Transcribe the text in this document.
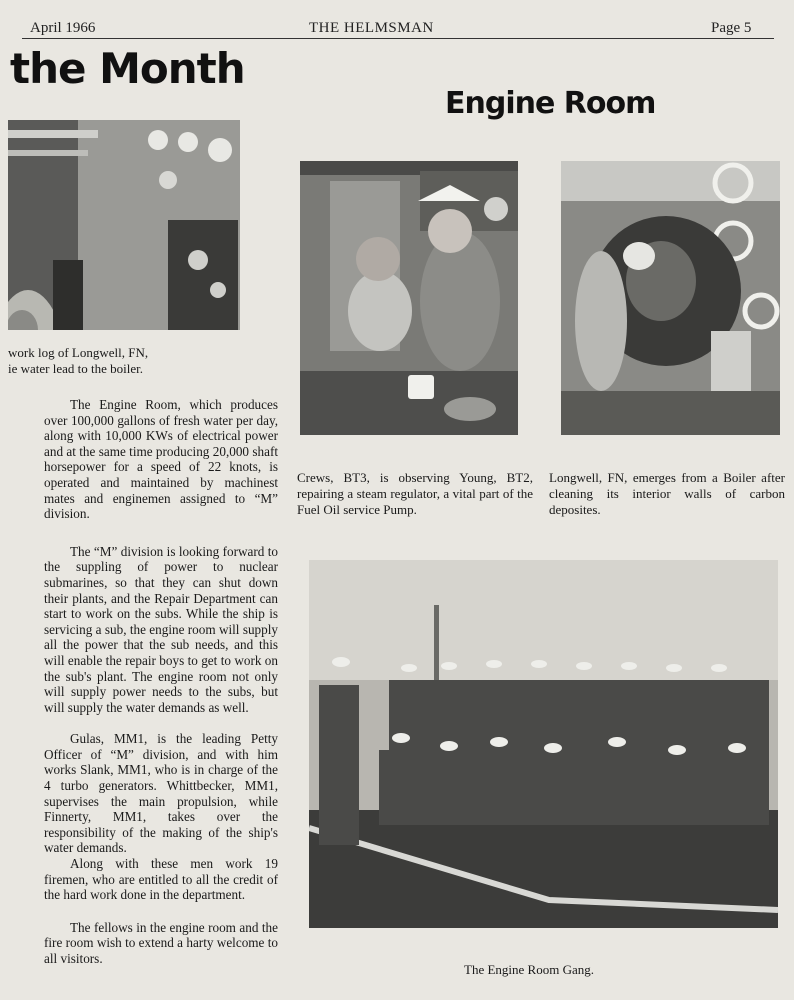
April 1966	THE HELMSMAN	Page 5
the Month
Engine Room
work log of Longwell, FN,
ie water lead to the boiler.
Crews, BT3, is observing Young, BT2, repairing a steam regulator, a vital part of the Fuel Oil service Pump.
Longwell, FN, emerges from a Boiler after cleaning its interior walls of carbon deposites.

The Engine Room, which produces over 100,000 gallons of fresh water per day, along with 10,000 KWs of electrical power and at the same time producing 20,000 shaft horsepower for a speed of 22 knots, is operated and maintained by machinest mates and enginemen assigned to “M” division.

The “M” division is looking forward to the suppling of power to nuclear submarines, so that they can shut down their plants, and the Repair Department can start to work on the subs. While the ship is servicing a sub, the engine room will supply all the power that the sub needs, and this will enable the repair boys to get to work on the sub's plant. The engine room not only will supply power needs to the subs, but will supply the water demands as well.

Gulas, MM1, is the leading Petty Officer of “M” division, and with him works Slank, MM1, who is in charge of the 4 turbo generators. Whittbecker, MM1, supervises the main propulsion, while Finnerty, MM1, takes over the responsibility of the making of the ship's water demands.

Along with these men work 19 firemen, who are entitled to all the credit of the hard work done in the department.

The fellows in the engine room and the fire room wish to extend a harty welcome to all visitors.

The Engine Room Gang.
